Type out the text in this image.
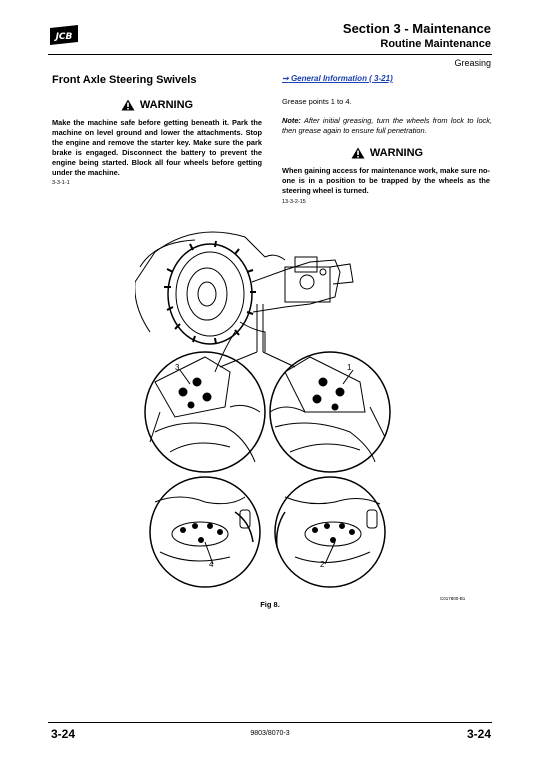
JCB
Section 3 - Maintenance
Routine Maintenance
Greasing
Front Axle Steering Swivels
WARNING
Make the machine safe before getting beneath it. Park the machine on level ground and lower the attachments. Stop the engine and remove the starter key. Make sure the park brake is engaged. Disconnect the battery to prevent the engine being started. Block all four wheels before getting under the machine.
3-3-1-1
➞ General Information ( 3-21)
Grease points 1 to 4.
Note: After initial greasing, turn the wheels from lock to lock, then grease again to ensure full penetration.
WARNING
When gaining access for maintenance work, make sure no-one is in a position to be trapped by the wheels as the steering wheel is turned.
13-3-2-15
3	1
4	2
C017800-B1
Fig 8.
3-24	9803/8070-3	3-24
